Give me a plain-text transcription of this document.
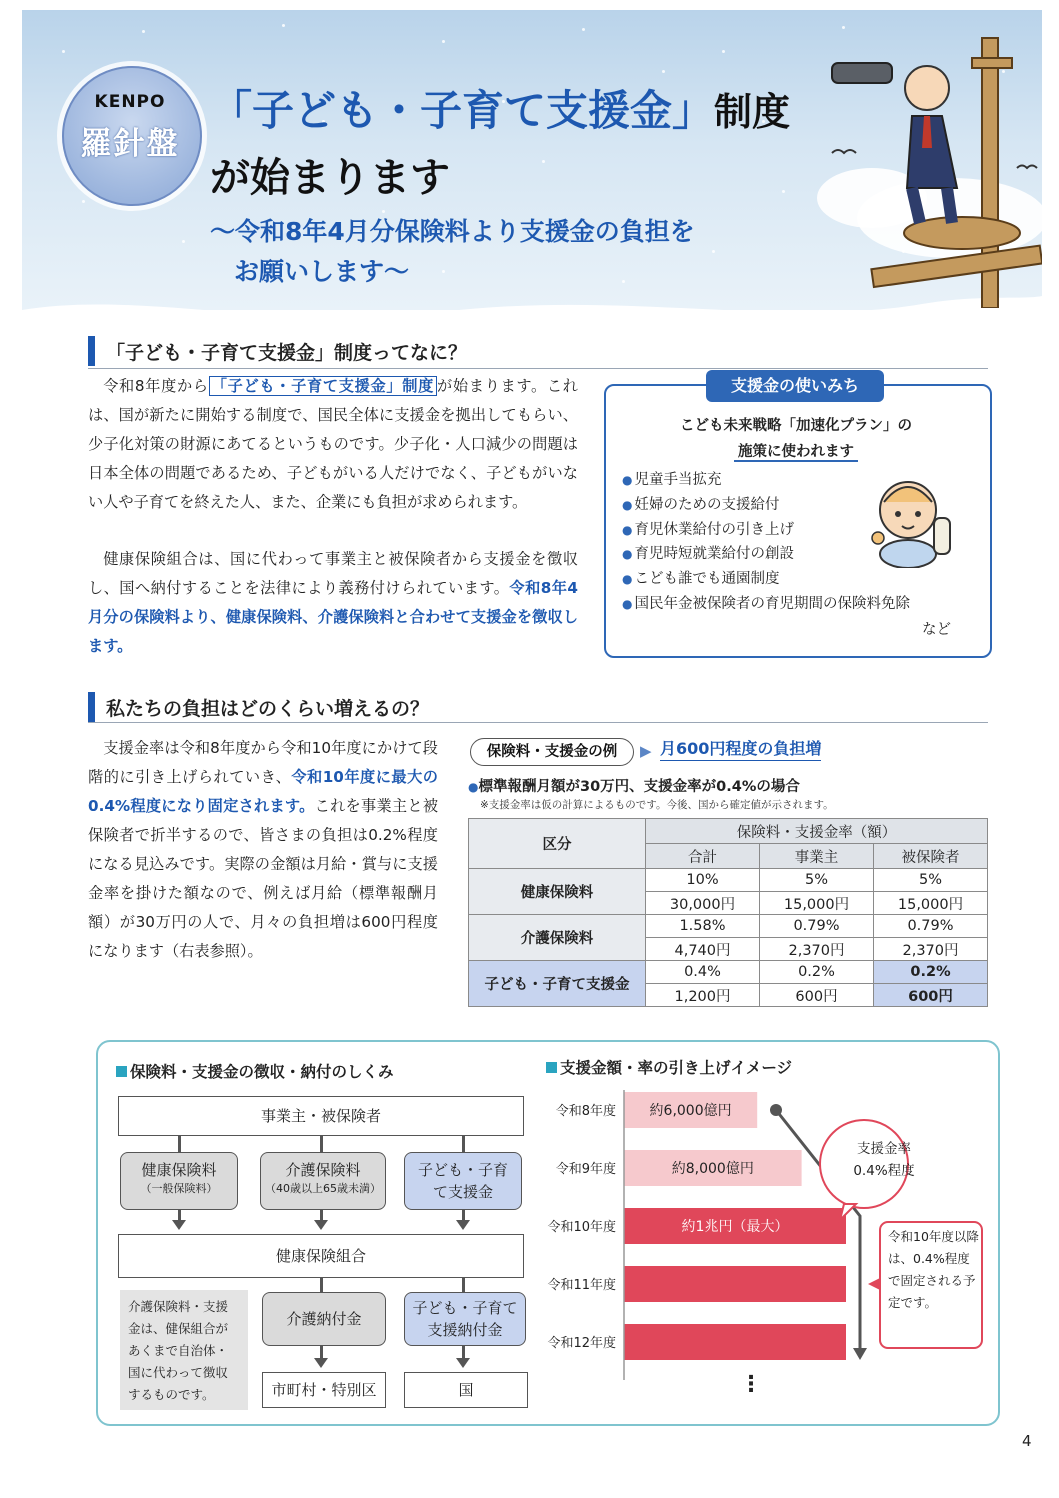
KENPO
羅針盤
「子ども・子育て支援金」制度
が始まります
～令和8年4月分保険料より支援金の負担を
お願いします～
「子ども・子育て支援金」制度ってなに？
令和8年度から 「子ども・子育て支援金」制度 が始まります。これは、国が新たに開始する制度で、国民全体に支援金を拠出してもらい、少子化対策の財源にあてるというものです。少子化・人口減少の問題は日本全体の問題であるため、子どもがいる人だけでなく、子どもがいない人や子育てを終えた人、また、企業にも負担が求められます。
健康保険組合は、国に代わって事業主と被保険者から支援金を徴収し、国へ納付することを法律により義務付けられています。令和8年4月分の保険料より、健康保険料、介護保険料と合わせて支援金を徴収します。
支援金の使いみち
こども未来戦略「加速化プラン」の
施策に使われます
● 児童手当拡充
● 妊婦のための支援給付
● 育児休業給付の引き上げ
● 育児時短就業給付の創設
● こども誰でも通園制度
● 国民年金被保険者の育児期間の保険料免除
など
私たちの負担はどのくらい増えるの？
支援金率は令和8年度から令和10年度にかけて段階的に引き上げられていき、令和10年度に最大の0.4%程度になり固定されます。これを事業主と被保険者で折半するので、皆さまの負担は0.2%程度になる見込みです。実際の金額は月給・賞与に支援金率を掛けた額なので、例えば月給（標準報酬月額）が30万円の人で、月々の負担増は600円程度になります（右表参照）。
保険料・支援金の例	▶ 月600円程度の負担増
● 標準報酬月額が30万円、支援金率が0.4%の場合
※支援金率は仮の計算によるものです。今後、国から確定値が示されます。
区分	保険料・支援金率（額）		
	合計	事業主	被保険者
健康保険料	10%	5%	5%
	30,000円	15,000円	15,000円
介護保険料	1.58%	0.79%	0.79%
	4,740円	2,370円	2,370円
子ども・子育て支援金	0.4%	0.2%	0.2%
	1,200円	600円	600円
保険料・支援金の徴収・納付のしくみ
事業主・被保険者
健康保険料
（一般保険料）
介護保険料
（40歳以上65歳未満）
子ども・子育て支援金
健康保険組合
介護保険料・支援金は、健保組合があくまで自治体・国に代わって徴収するものです。
介護納付金
子ども・子育て支援納付金
市町村・特別区	国
支援金額・率の引き上げイメージ
令和8年度 約6,000億円
令和9年度	約8,000億円
令和10年度	約1兆円（最大）
令和11年度
令和12年度
支援金率0.4%程度
令和10年度以降は、0.4%程度で固定される予定です。
⋮
4
